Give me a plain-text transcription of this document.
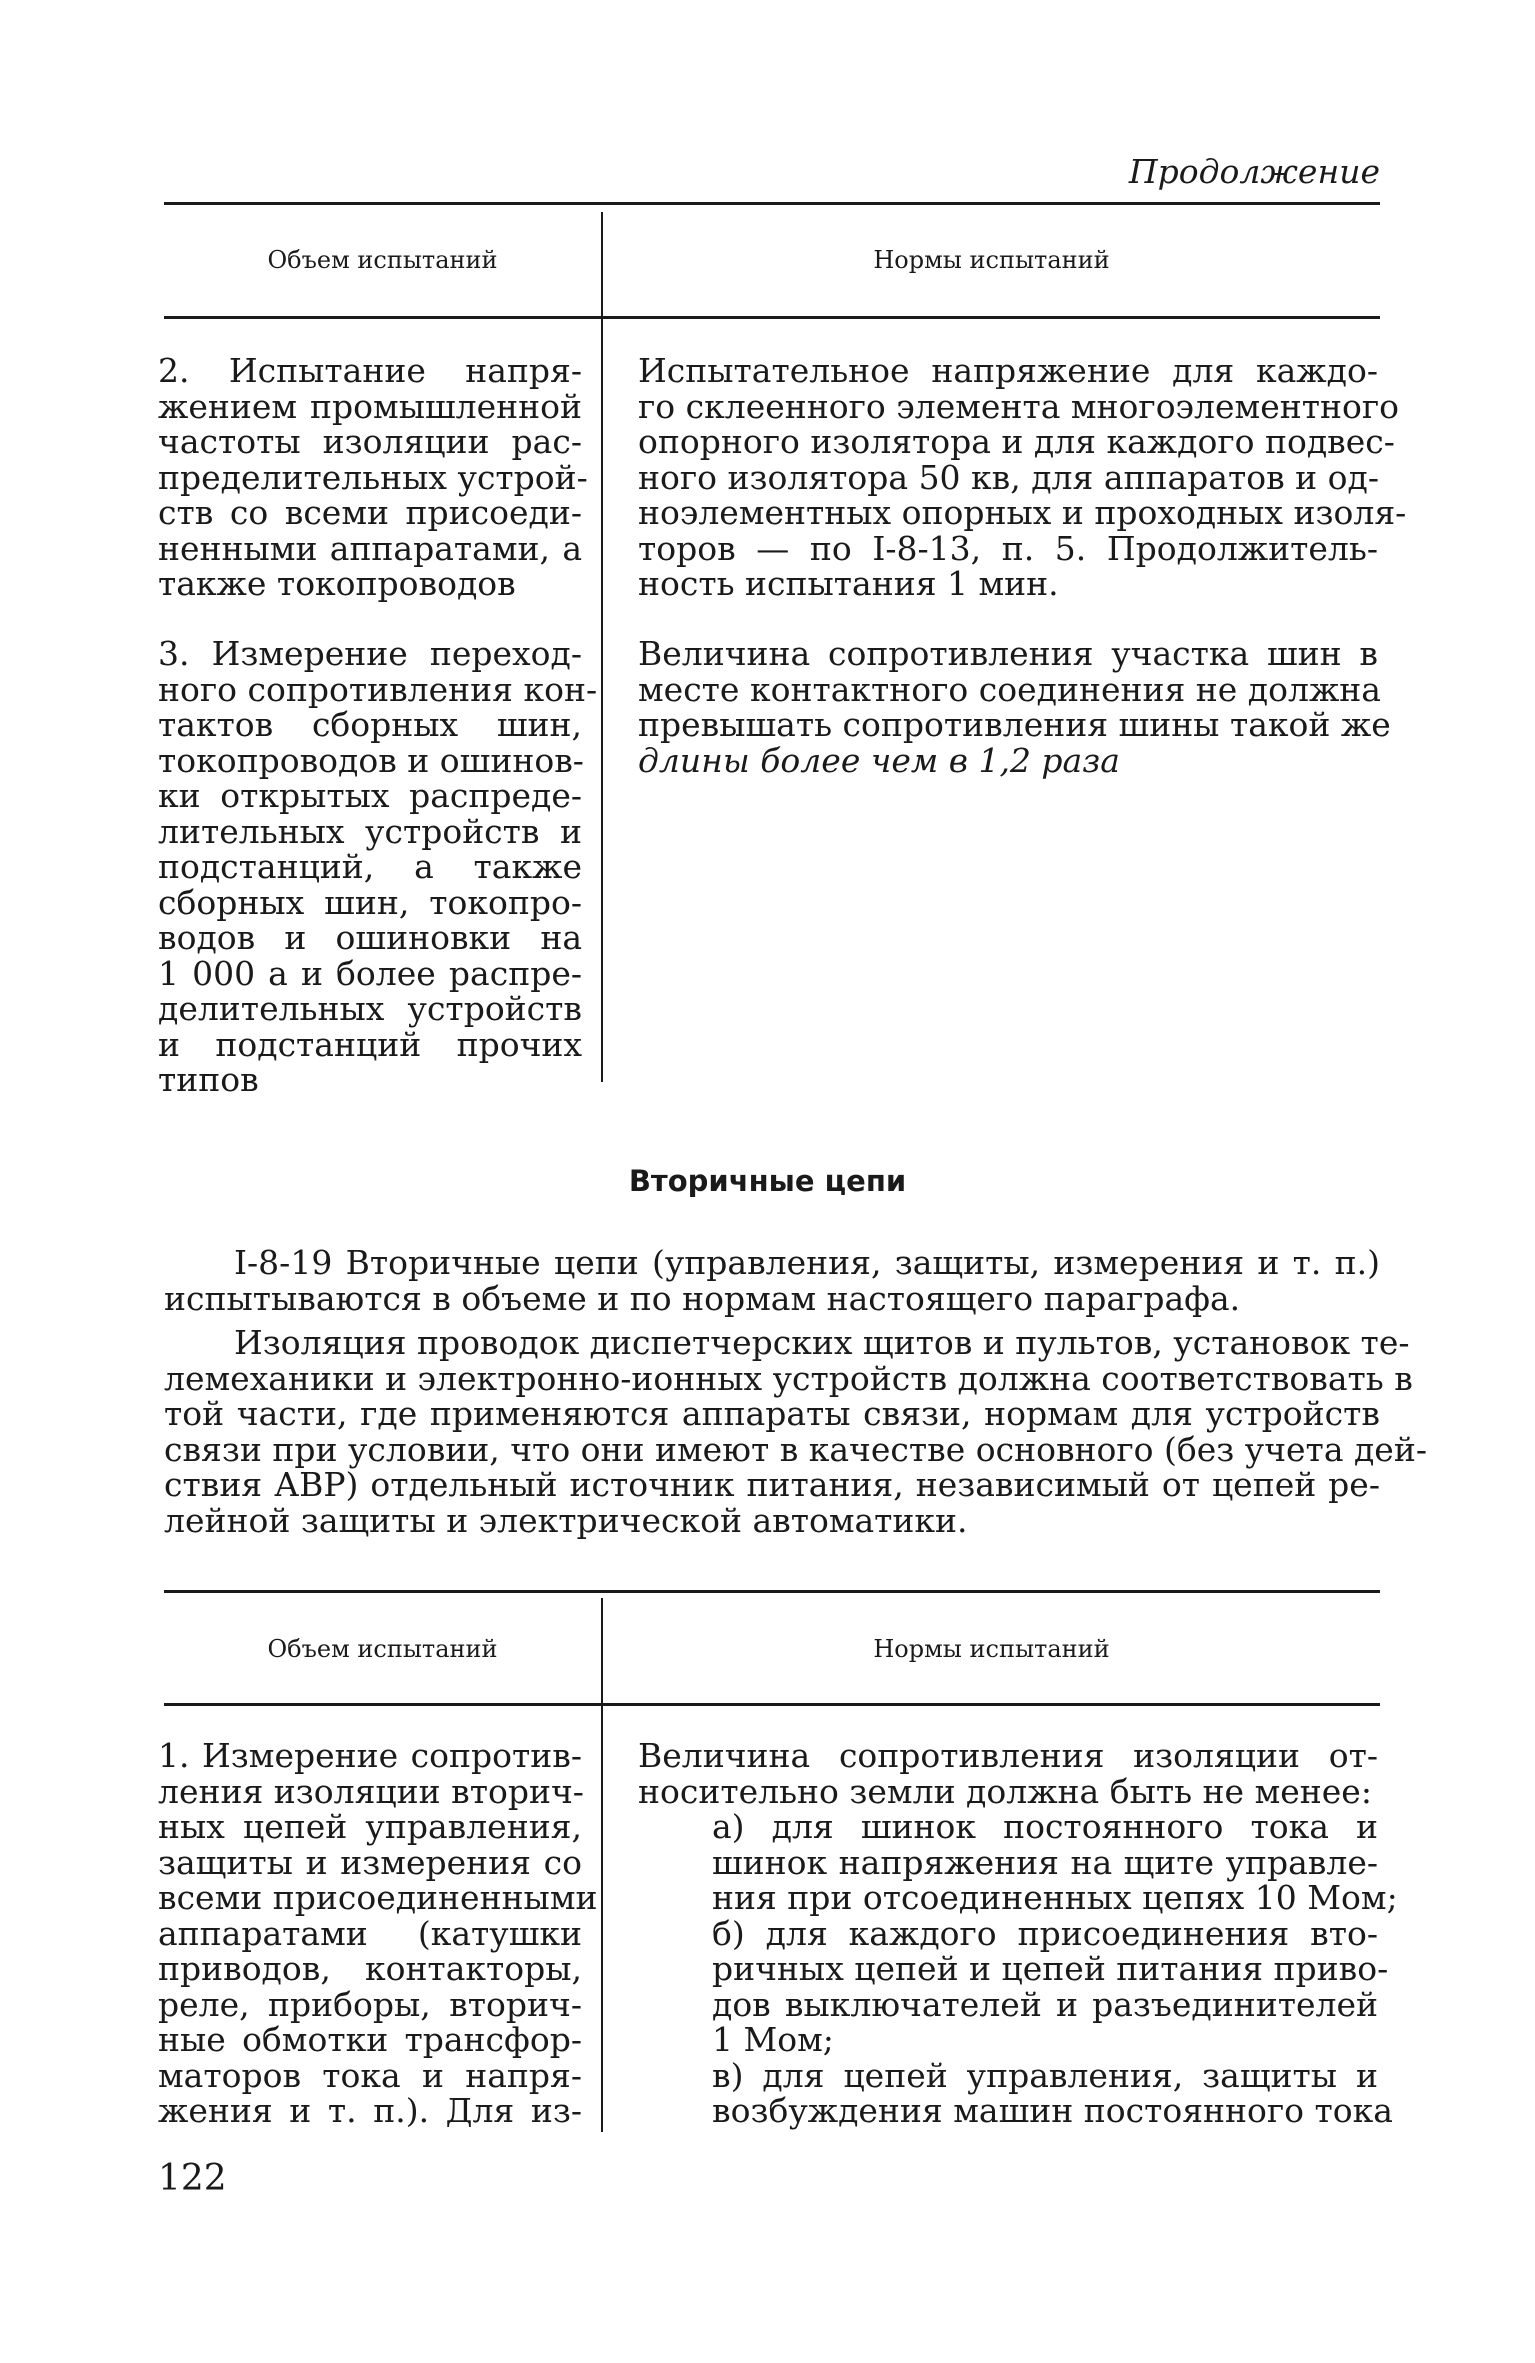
Продолжение
Объем испытаний	Нормы испытаний
2. Испытание напря-
жением промышленной
частоты изоляции рас-
пределительных устрой-
ств со всеми присоеди-
ненными аппаратами, а
также токопроводов
Испытательное напряжение для каждо-
го склеенного элемента многоэлементного
опорного изолятора и для каждого подвес-
ного изолятора 50 кв, для аппаратов и од-
ноэлементных опорных и проходных изоля-
торов — по I-8-13, п. 5. Продолжитель-
ность испытания 1 мин.
3. Измерение переход-
ного сопротивления кон-
тактов сборных шин,
токопроводов и ошинов-
ки открытых распреде-
лительных устройств и
подстанций, а также
сборных шин, токопро-
водов и ошиновки на
1 000 а и более распре-
делительных устройств
и подстанций прочих
типов
Величина сопротивления участка шин в
месте контактного соединения не должна
превышать сопротивления шины такой же
длины более чем в 1,2 раза
Вторичные цепи
I-8-19 Вторичные цепи (управления, защиты, измерения и т. п.)
испытываются в объеме и по нормам настоящего параграфа.
Изоляция проводок диспетчерских щитов и пультов, установок те-
лемеханики и электронно-ионных устройств должна соответствовать в
той части, где применяются аппараты связи, нормам для устройств
связи при условии, что они имеют в качестве основного (без учета дей-
ствия АВР) отдельный источник питания, независимый от цепей ре-
лейной защиты и электрической автоматики.
Объем испытаний	Нормы испытаний
1. Измерение сопротив-
ления изоляции вторич-
ных цепей управления,
защиты и измерения со
всеми присоединенными
аппаратами (катушки
приводов, контакторы,
реле, приборы, вторич-
ные обмотки трансфор-
маторов тока и напря-
жения и т. п.). Для из-
Величина сопротивления изоляции от-
носительно земли должна быть не менее:
а) для шинок постоянного тока и
шинок напряжения на щите управле-
ния при отсоединенных цепях 10 Мом;
б) для каждого присоединения вто-
ричных цепей и цепей питания приво-
дов выключателей и разъединителей
1 Мом;
в) для цепей управления, защиты и
возбуждения машин постоянного тока
122
